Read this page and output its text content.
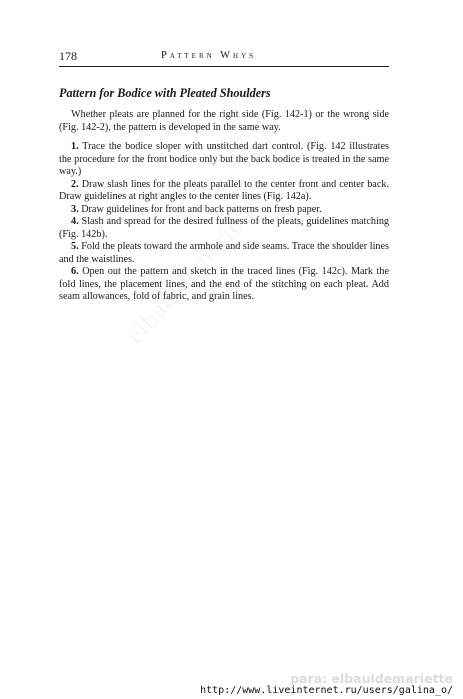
178	Pattern Whys
Pattern for Bodice with Pleated Shoulders

Whether pleats are planned for the right side (Fig. 142-1) or the wrong side (Fig. 142-2), the pattern is developed in the same way.

1. Trace the bodice sloper with unstitched dart control. (Fig. 142 illustrates the procedure for the front bodice only but the back bodice is treated in the same way.)

2. Draw slash lines for the pleats parallel to the center front and center back. Draw guidelines at right angles to the center lines (Fig. 142a).

3. Draw guidelines for front and back patterns on fresh paper.

4. Slash and spread for the desired fullness of the pleats, guidelines matching (Fig. 142b).

5. Fold the pleats toward the armhole and side seams. Trace the shoulder lines and the waistlines.

6. Open out the pattern and sketch in the traced lines (Fig. 142c). Mark the fold lines, the placement lines, and the end of the stitching on each pleat. Add seam allowances, fold of fabric, and grain lines.

para: elbauldemariette
http://www.liveinternet.ru/users/galina_o/
